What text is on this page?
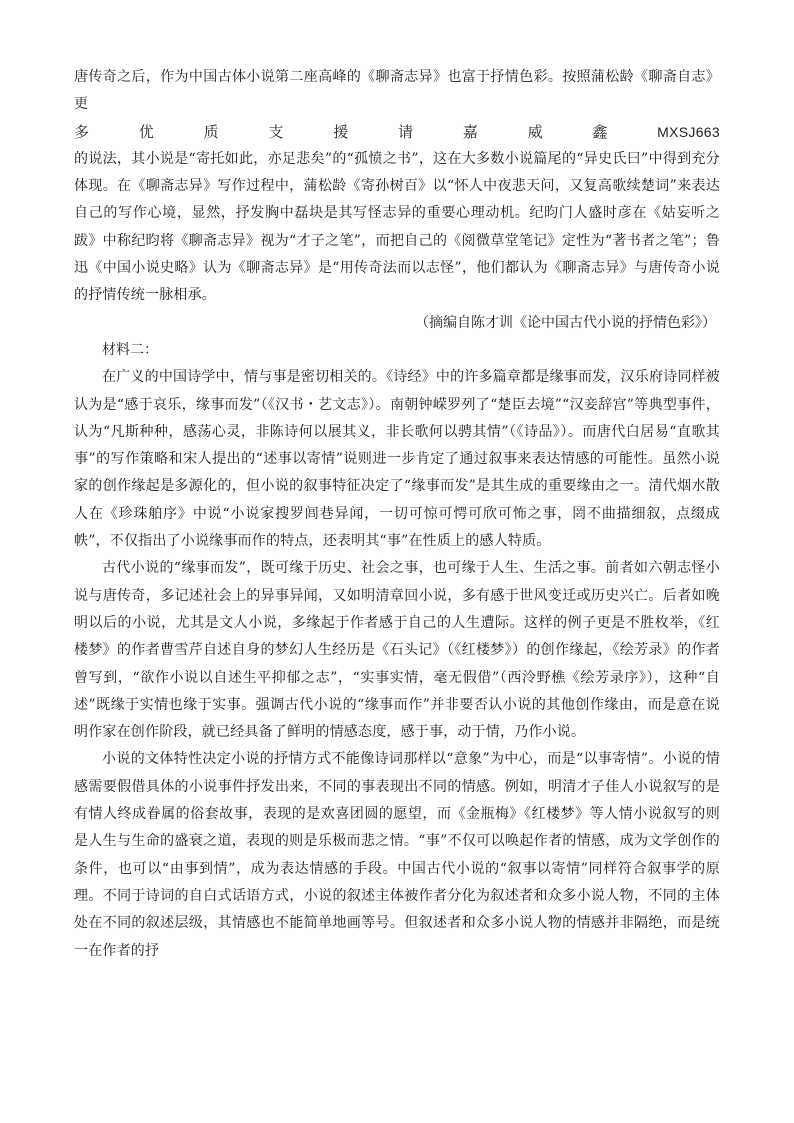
唐传奇之后，作为中国古体小说第二座高峰的《聊斋志异》也富于抒情色彩。按照蒲松龄《聊斋自志》更

多	优	质	支	援	请	嘉	威	鑫	MXSJ663

的说法，其小说是“寄托如此，亦足悲矣”的“孤愤之书”，这在大多数小说篇尾的“异史氏曰”中得到充分体现。在《聊斋志异》写作过程中，蒲松龄《寄孙树百》以“怀人中夜悲天问，又复高歌续楚词”来表达自己的写作心境，显然，抒发胸中磊块是其写怪志异的重要心理动机。纪昀门人盛时彦在《姑妄听之跋》中称纪昀将《聊斋志异》视为“才子之笔”，而把自己的《阅微草堂笔记》定性为“著书者之笔”；鲁迅《中国小说史略》认为《聊斋志异》是“用传奇法而以志怪”，他们都认为《聊斋志异》与唐传奇小说的抒情传统一脉相承。

（摘编自陈才训《论中国古代小说的抒情色彩》）

材料二：

在广义的中国诗学中，情与事是密切相关的。《诗经》中的许多篇章都是缘事而发，汉乐府诗同样被认为是“感于哀乐，缘事而发”（《汉书・艺文志》）。南朝钟嵘罗列了“楚臣去境”“汉妾辞宫”等典型事件，认为“凡斯种种，感荡心灵，非陈诗何以展其义，非长歌何以骋其情”（《诗品》）。而唐代白居易“直歌其事”的写作策略和宋人提出的“述事以寄情”说则进一步肯定了通过叙事来表达情感的可能性。虽然小说家的创作缘起是多源化的，但小说的叙事特征决定了“缘事而发”是其生成的重要缘由之一。清代烟水散人在《珍珠舶序》中说“小说家搜罗闾巷异闻，一切可惊可愕可欣可怖之事，罔不曲描细叙，点缀成帙”，不仅指出了小说缘事而作的特点，还表明其“事”在性质上的感人特质。

古代小说的“缘事而发”，既可缘于历史、社会之事，也可缘于人生、生活之事。前者如六朝志怪小说与唐传奇，多记述社会上的异事异闻，又如明清章回小说，多有感于世风变迁或历史兴亡。后者如晚明以后的小说，尤其是文人小说，多缘起于作者感于自己的人生遭际。这样的例子更是不胜枚举，《红楼梦》的作者曹雪芹自述自身的梦幻人生经历是《石头记》（《红楼梦》）的创作缘起，《绘芳录》的作者曾写到，“欲作小说以自述生平抑郁之志”，“实事实情，毫无假借”（西泠野樵《绘芳录序》），这种“自述”既缘于实情也缘于实事。强调古代小说的“缘事而作”并非要否认小说的其他创作缘由，而是意在说明作家在创作阶段，就已经具备了鲜明的情感态度，感于事，动于情，乃作小说。

小说的文体特性决定小说的抒情方式不能像诗词那样以“意象”为中心，而是“以事寄情”。小说的情感需要假借具体的小说事件抒发出来，不同的事表现出不同的情感。例如，明清才子佳人小说叙写的是有情人终成眷属的俗套故事，表现的是欢喜团圆的愿望，而《金瓶梅》《红楼梦》等人情小说叙写的则是人生与生命的盛衰之道，表现的则是乐极而悲之情。“事”不仅可以唤起作者的情感，成为文学创作的条件，也可以“由事到情”，成为表达情感的手段。中国古代小说的“叙事以寄情”同样符合叙事学的原理。不同于诗词的自白式话语方式，小说的叙述主体被作者分化为叙述者和众多小说人物，不同的主体处在不同的叙述层级，其情感也不能简单地画等号。但叙述者和众多小说人物的情感并非隔绝，而是统一在作者的抒
